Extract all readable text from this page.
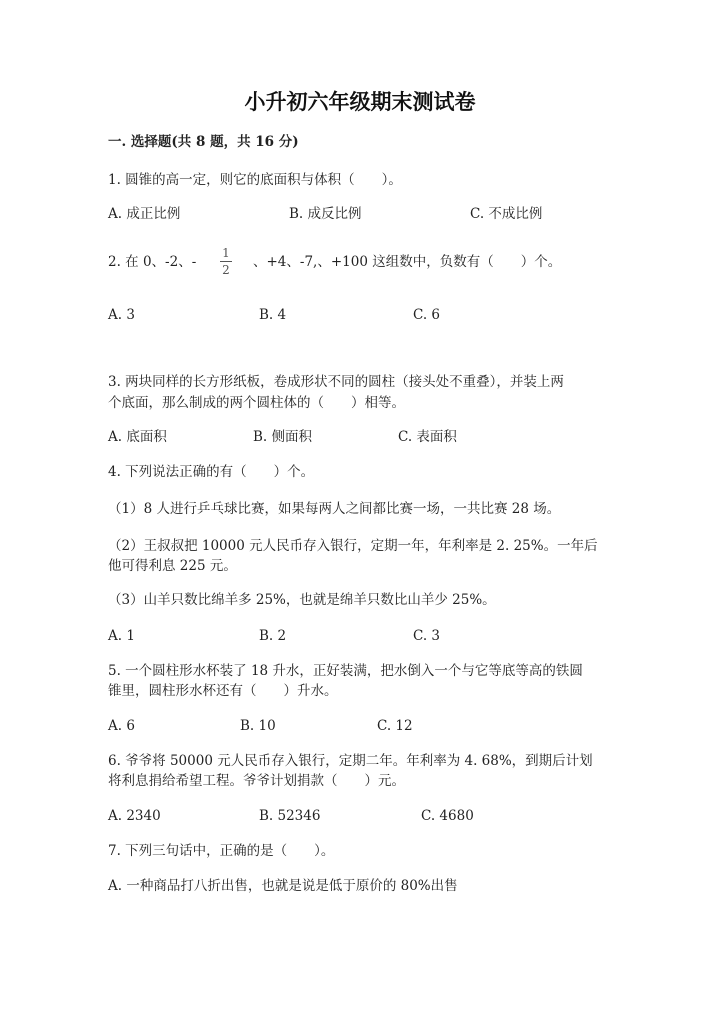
小升初六年级期末测试卷
一. 选择题(共 8 题，共 16 分)
1. 圆锥的高一定，则它的底面积与体积（　　）。
A. 成正比例	B. 成反比例	C. 不成比例
2. 在 0、-2、-
1
2 、+4、-7,、+100 这组数中，负数有（　　）个。
A. 3	B. 4	C. 6
3. 两块同样的长方形纸板，卷成形状不同的圆柱（接头处不重叠），并装上两
个底面，那么制成的两个圆柱体的（　　）相等。
A. 底面积	B. 侧面积	C. 表面积
4. 下列说法正确的有（　　）个。
（1）8 人进行乒乓球比赛，如果每两人之间都比赛一场，一共比赛 28 场。
（2）王叔叔把 10000 元人民币存入银行，定期一年，年利率是 2. 25%。一年后
他可得利息 225 元。
（3）山羊只数比绵羊多 25%，也就是绵羊只数比山羊少 25%。
A. 1	B. 2	C. 3
5. 一个圆柱形水杯装了 18 升水，正好装满，把水倒入一个与它等底等高的铁圆
锥里，圆柱形水杯还有（　　）升水。
A. 6	B. 10	C. 12
6. 爷爷将 50000 元人民币存入银行，定期二年。年利率为 4. 68%，到期后计划
将利息捐给希望工程。爷爷计划捐款（　　）元。
A. 2340	B. 52346	C. 4680
7. 下列三句话中，正确的是（　　）。
A. 一种商品打八折出售，也就是说是低于原价的 80%出售
